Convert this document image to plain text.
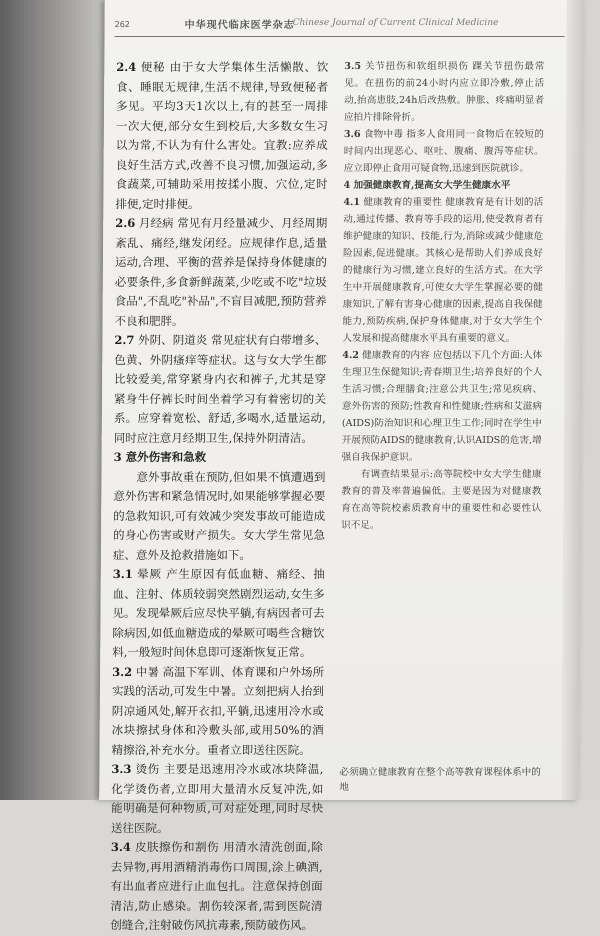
262	中华现代临床医学杂志
Chinese Journal of Current Clinical Medicine

2.4 便秘 由于女大学集体生活懒散、饮食、睡眠无规律,生活不规律,导致便秘者多见。平均3天1次以上,有的甚至一周排一次大便,部分女生到校后,大多数女生习以为常,不认为有什么害处。宜教:应养成良好生活方式,改善不良习惯,加强运动,多食蔬菜,可辅助采用按揉小腹、穴位,定时排便,定时排便。

2.6 月经病 常见有月经量减少、月经周期紊乱、痛经,继发闭经。应规律作息,适量运动,合理、平衡的营养是保持身体健康的必要条件,多食新鲜蔬菜,少吃或不吃"垃圾食品",不乱吃"补品",不盲目减肥,预防营养不良和肥胖。

2.7 外阴、阴道炎 常见症状有白带增多、色黄、外阴瘙痒等症状。这与女大学生都比较爱美,常穿紧身内衣和裤子,尤其是穿紧身牛仔裤长时间坐着学习有着密切的关系。应穿着宽松、舒适,多喝水,适量运动,同时应注意月经期卫生,保持外阴清洁。

3 意外伤害和急救

意外事故重在预防,但如果不慎遭遇到意外伤害和紧急情况时,如果能够掌握必要的急救知识,可有效减少突发事故可能造成的身心伤害或财产损失。女大学生常见急症、意外及抢救措施如下。

3.1 晕厥 产生原因有低血糖、痛经、抽血、注射、体质较弱突然剧烈运动,女生多见。发现晕厥后应尽快平躺,有病因者可去除病因,如低血糖造成的晕厥可喝些含糖饮料,一般短时间休息即可逐渐恢复正常。

3.2 中暑 高温下军训、体育课和户外场所实践的活动,可发生中暑。立刻把病人抬到阴凉通风处,解开衣扣,平躺,迅速用冷水或冰块擦拭身体和冷敷头部,或用50%的酒精擦浴,补充水分。重者立即送往医院。

3.3 烫伤 主要是迅速用冷水或冰块降温,化学烫伤者,立即用大量清水反复冲洗,如能明确是何种物质,可对症处理,同时尽快送往医院。

3.4 皮肤擦伤和割伤 用清水清洗创面,除去异物,再用酒精消毒伤口周围,涂上碘酒,有出血者应进行止血包扎。注意保持创面清洁,防止感染。割伤较深者,需到医院清创缝合,注射破伤风抗毒素,预防破伤风。

3.5 关节扭伤和软组织损伤 踝关节扭伤最常见。在扭伤的前24小时内应立即冷敷,停止活动,抬高患肢,24h后改热敷。肿胀、疼痛明显者应拍片排除骨折。

3.6 食物中毒 指多人食用同一食物后在较短的时间内出现恶心、呕吐、腹痛、腹泻等症状。应立即停止食用可疑食物,迅速到医院就诊。

4 加强健康教育,提高女大学生健康水平

4.1 健康教育的重要性 健康教育是有计划的活动,通过传播、教育等手段的运用,使受教育者有维护健康的知识、技能,行为,消除或减少健康危险因素,促进健康。其核心是帮助人们养成良好的健康行为习惯,建立良好的生活方式。在大学生中开展健康教育,可使女大学生掌握必要的健康知识,了解有害身心健康的因素,提高自我保健能力,预防疾病,保护身体健康,对于女大学生个人发展和提高健康水平具有重要的意义。

4.2 健康教育的内容 应包括以下几个方面:人体生理卫生保健知识;青春期卫生;培养良好的个人生活习惯;合理膳食;注意公共卫生;常见疾病、意外伤害的预防;性教育和性健康;性病和艾滋病(AIDS)防治知识和心理卫生工作;同时在学生中开展预防AIDS的健康教育,认识AIDS的危害,增强自我保护意识。

有调查结果显示:高等院校中女大学生健康教育的普及率普遍偏低。主要是因为对健康教育在高等院校素质教育中的重要性和必要性认识不足。

必须确立健康教育在整个高等教育课程体系中的地
